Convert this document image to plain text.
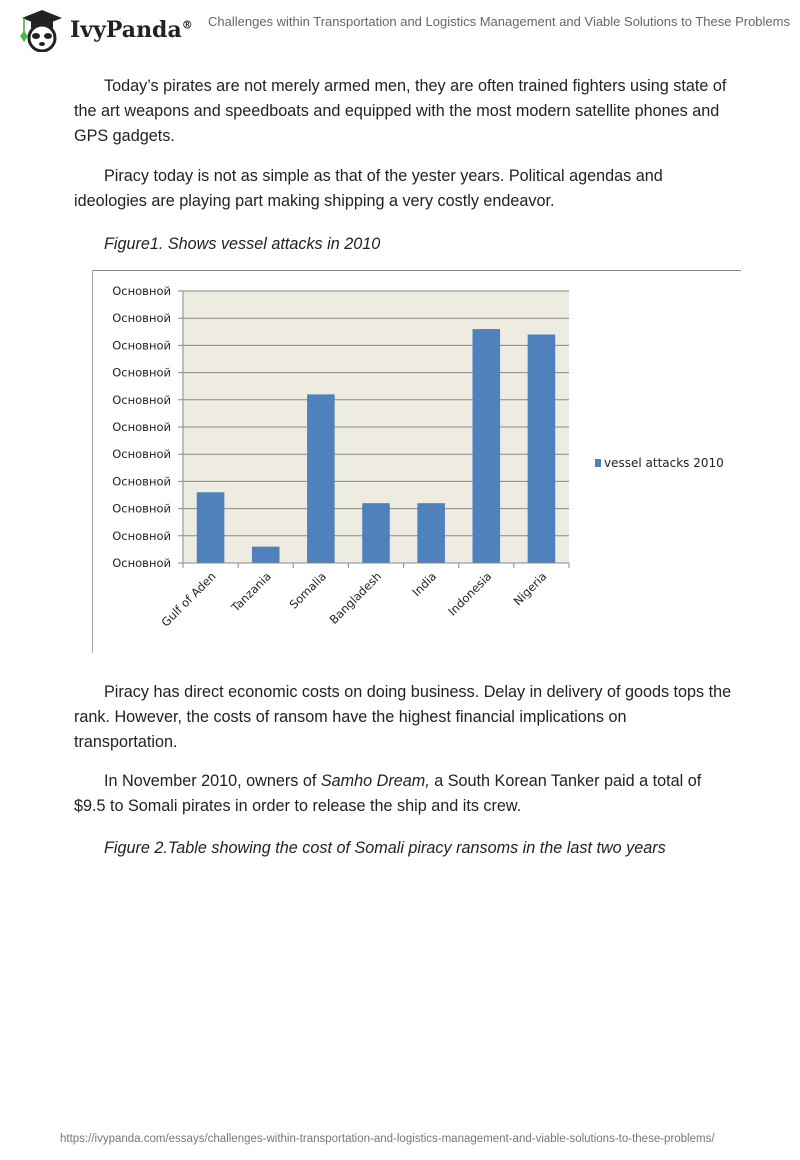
IvyPanda® Challenges within Transportation and Logistics Management and Viable Solutions to These Problems

Today’s pirates are not merely armed men, they are often trained fighters using state of the art weapons and speedboats and equipped with the most modern satellite phones and GPS gadgets.

Piracy today is not as simple as that of the yester years. Political agendas and ideologies are playing part making shipping a very costly endeavor.

Figure1. Shows vessel attacks in 2010

Основной
Основной
Основной
Основной
Основной
Основной
Основной
Основной
Основной
Основной
Основной
Gulf of Aden Tanzania Somalia
Bangladesh India Indonesia Nigeria
vessel attacks 2010

Piracy has direct economic costs on doing business. Delay in delivery of goods tops the rank. However, the costs of ransom have the highest financial implications on transportation.

In November 2010, owners of Samho Dream, a South Korean Tanker paid a total of $9.5 to Somali pirates in order to release the ship and its crew.

Figure 2.Table showing the cost of Somali piracy ransoms in the last two years

https://ivypanda.com/essays/challenges-within-transportation-and-logistics-management-and-viable-solutions-to-these-problems/
